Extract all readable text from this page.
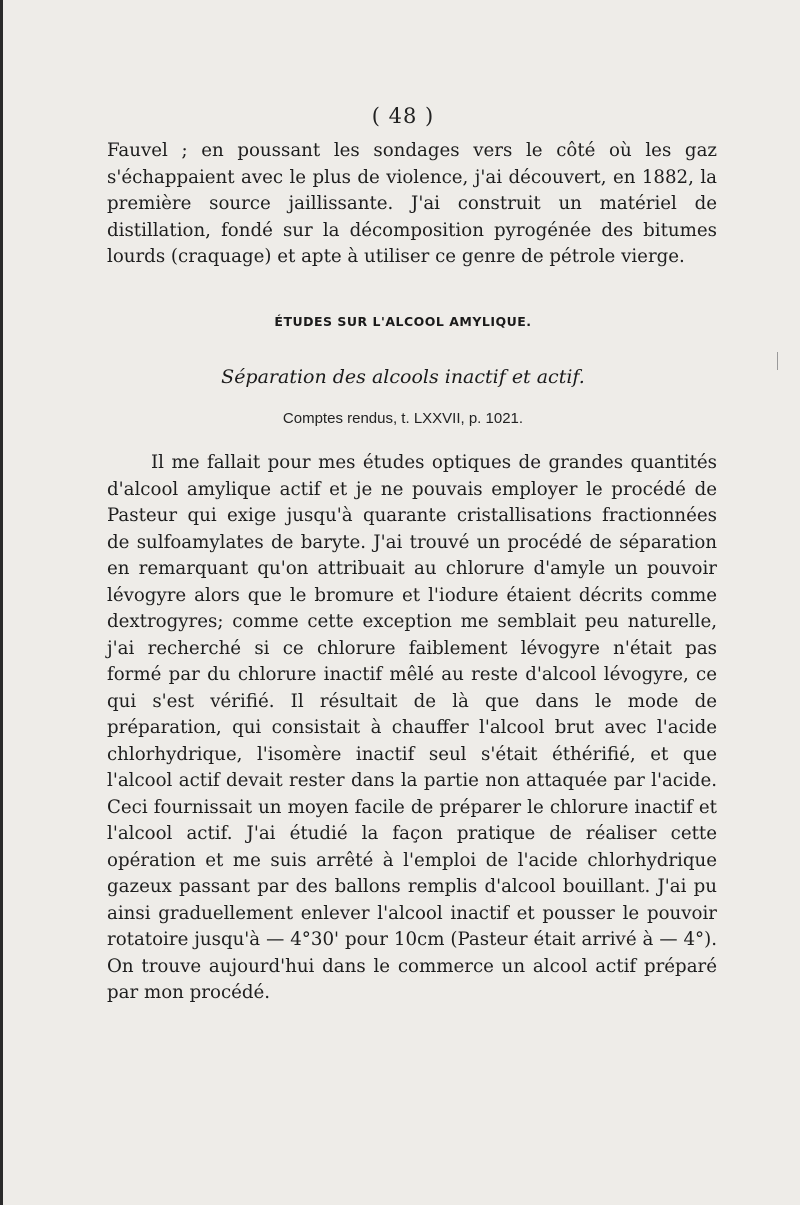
( 48 )

Fauvel ; en poussant les sondages vers le côté où les gaz s'échappaient avec le plus de violence, j'ai découvert, en 1882, la première source jaillissante. J'ai construit un matériel de distillation, fondé sur la décomposition pyrogénée des bitumes lourds (craquage) et apte à utiliser ce genre de pétrole vierge.

ÉTUDES SUR L'ALCOOL AMYLIQUE.
Séparation des alcools inactif et actif.
Comptes rendus, t. LXXVII, p. 1021.

Il me fallait pour mes études optiques de grandes quantités d'alcool amylique actif et je ne pouvais employer le procédé de Pasteur qui exige jusqu'à quarante cristallisations fractionnées de sulfoamylates de baryte. J'ai trouvé un procédé de séparation en remarquant qu'on attribuait au chlorure d'amyle un pouvoir lévogyre alors que le bromure et l'iodure étaient décrits comme dextrogyres; comme cette exception me semblait peu naturelle, j'ai recherché si ce chlorure faiblement lévogyre n'était pas formé par du chlorure inactif mêlé au reste d'alcool lévogyre, ce qui s'est vérifié. Il résultait de là que dans le mode de préparation, qui consistait à chauffer l'alcool brut avec l'acide chlorhydrique, l'isomère inactif seul s'était éthérifié, et que l'alcool actif devait rester dans la partie non attaquée par l'acide. Ceci fournissait un moyen facile de préparer le chlorure inactif et l'alcool actif. J'ai étudié la façon pratique de réaliser cette opération et me suis arrêté à l'emploi de l'acide chlorhydrique gazeux passant par des ballons remplis d'alcool bouillant. J'ai pu ainsi graduellement enlever l'alcool inactif et pousser le pouvoir rotatoire jusqu'à — 4°30' pour 10cm (Pasteur était arrivé à — 4°). On trouve aujourd'hui dans le commerce un alcool actif préparé par mon procédé.
